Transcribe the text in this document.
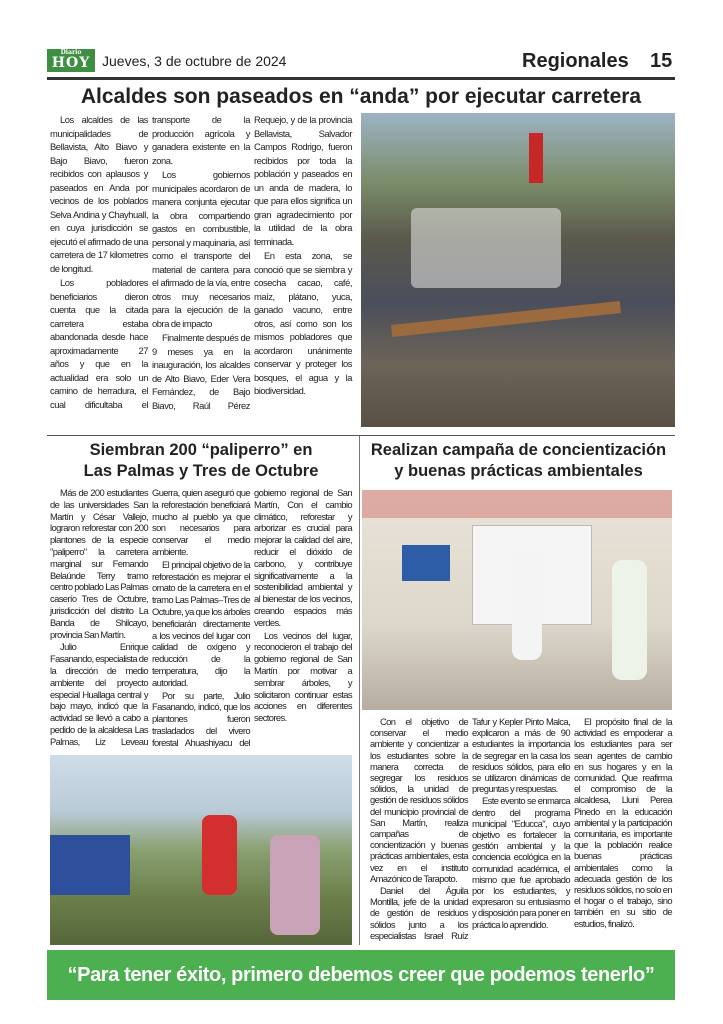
Diario
HOY Jueves, 3 de octubre de 2024	Regionales 15
Alcaldes son paseados en “anda” por ejecutar carretera

Los alcaldes de las municipalidades de Bellavista, Alto Biavo y Bajo Biavo, fueron recibidos con aplausos y paseados en Anda por vecinos de los poblados Selva Andina y Chayhuall, en cuya jurisdicción se ejecutó el afirmado de una carretera de 17 kilometres de longitud.

Los pobladores beneficiarios dieron cuenta que la citada carretera estaba abandonada desde hace aproximadamente 27 años y que en la actualidad era solo un camino de herradura, el cual dificultaba el transporte de la producción agrícola y ganadera existente en la zona.

Los gobiernos municipales acordaron de manera conjunta ejecutar la obra compartiendo gastos en combustible, personal y maquinaria, así como el transporte del material de cantera para el afirmado de la vía, entre otros muy necesarios para la ejecución de la obra de impacto

Finalmente después de 9 meses ya en la inauguración, los alcaldes de Alto Biavo, Eder Vera Fernández, de Bajo Biavo, Raúl Pérez Requejo, y de la provincia Bellavista, Salvador Campos Rodrigo, fueron recibidos por toda la población y paseados en un anda de madera, lo que para ellos significa un gran agradecimiento por la utilidad de la obra terminada.

En esta zona, se conoció que se siembra y cosecha cacao, café, maíz, plátano, yuca, ganado vacuno, entre otros, así como son los mismos pobladores que acordaron unánimente conservar y proteger los bosques, el agua y la biodiversidad.

Siembran 200 “paliperro” en
Las Palmas y Tres de Octubre

Más de 200 estudiantes de las universidades San Martín y César Vallejo, lograron reforestar con 200 plantones de la especie "paliperro" la carretera marginal sur Fernando Belaúnde Terry tramo centro poblado Las Palmas caserío Tres de Octubre, jurisdicción del distrito La Banda de Shilcayo, provincia San Martín.

Julio Enrique Fasanando, especialista de la dirección de medio ambiente del proyecto especial Huallaga central y bajo mayo, indicó que la actividad se llevó a cabo a pedido de la alcaldesa Las Palmas, Liz Leveau Guerra, quien aseguró que la reforestación beneficiará mucho al pueblo ya que son necesarios para conservar el medio ambiente.

El principal objetivo de la reforestación es mejorar el ornato de la carretera en el tramo Las Palmas–Tres de Octubre, ya que los árboles beneficiarán directamente a los vecinos del lugar con calidad de oxígeno y reducción de la temperatura, dijo la autoridad.

Por su parte, Julio Fasanando, indicó, que los plantones fueron trasladados del vivero forestal Ahuashiyacu del gobierno regional de San Martín, Con el cambio climático, reforestar y arborizar es crucial para mejorar la calidad del aire, reducir el dióxido de carbono, y contribuye significativamente a la sostenibilidad ambiental y al bienestar de los vecinos, creando espacios más verdes.

Los vecinos del lugar, reconocieron el trabajo del gobierno regional de San Martín por motivar a sembrar árboles, y solicitaron continuar estas acciones en diferentes sectores.

Realizan campaña de concientización
y buenas prácticas ambientales

Con el objetivo de conservar el medio ambiente y concientizar a los estudiantes sobre la manera correcta de segregar los residuos sólidos, la unidad de gestión de residuos sólidos del municipio provincial de San Martín, realiza campañas de concientización y buenas prácticas ambientales, esta vez en el instituto Amazónico de Tarapoto.

Daniel del Águila Montilla, jefe de la unidad de gestión de residuos sólidos junto a los especialistas Israel Ruíz Tafur y Kepler Pinto Malca, explicaron a más de 90 estudiantes la importancia de segregar en la casa los residuos sólidos, para ello se utilizaron dinámicas de preguntas y respuestas.

Este evento se enmarca dentro del programa municipal "Educca", cuyo objetivo es fortalecer la gestión ambiental y la conciencia ecológica en la comunidad académica, el mismo que fue aprobado por los estudiantes, y expresaron su entusiasmo y disposición para poner en práctica lo aprendido.

El propósito final de la actividad es empoderar a los estudiantes para ser sean agentes de cambio en sus hogares y en la comunidad. Que reafirma el compromiso de la alcaldesa, Lluni Perea Pinedo en la educación ambiental y la participación comunitaria, es importante que la población realice buenas prácticas ambientales como la adecuada gestión de los residuos sólidos, no solo en el hogar o el trabajo, sino también en su sitio de estudios, finalizó.

“Para tener éxito, primero debemos creer que podemos tenerlo”
